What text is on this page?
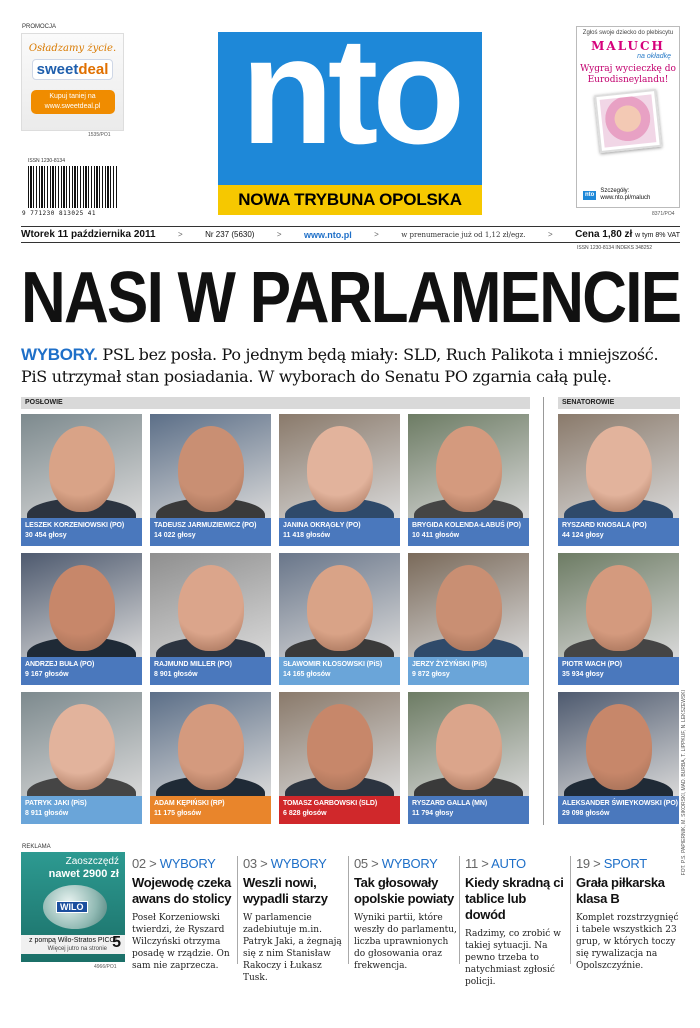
PROMOCJA
Osładzamy życie.
sweetdeal
Kupuj taniej na www.sweetdeal.pl
1535/PO1
ISSN 1230-8134
9 771230 813025 41
nto
NOWA TRYBUNA OPOLSKA
Zgłoś swoje dziecko do plebiscytu
MALUCH
na okładkę
Wygraj wycieczkę do Eurodisneylandu!
nto
Szczegóły: www.nto.pl/maluch
8371/PO4
Wtorek 11 października 2011	>	Nr 237 (5630)	> www.nto.pl	>	w prenumeracie już od 1,12 zł/egz.	> Cena 1,80 zł w tym 8% VAT
ISSN 1230-8134 INDEKS 348252
NASI W PARLAMENCIE
WYBORY. PSL bez posła. Po jednym będą miały: SLD, Ruch Palikota i mniejszość. PiS utrzymał stan posiadania. W wyborach do Senatu PO zgarnia całą pulę.
POSŁOWIE	SENATOROWIE
LESZEK KORZENIOWSKI (PO)
30 454 głosy
TADEUSZ JARMUZIEWICZ (PO)
14 022 głosy
JANINA OKRĄGŁY (PO)
11 418 głosów
BRYGIDA KOLENDA-ŁABUŚ (PO)
10 411 głosów
ANDRZEJ BUŁA (PO)
9 167 głosów
RAJMUND MILLER (PO)
8 901 głosów
SŁAWOMIR KŁOSOWSKI (PiS)
14 165 głosów
JERZY ŻYŻYŃSKI (PiS)
9 872 głosy
PATRYK JAKI (PiS)
8 911 głosów
ADAM KĘPIŃSKI (RP)
11 175 głosów
TOMASZ GARBOWSKI (SLD)
6 828 głosów
RYSZARD GALLA (MN)
11 794 głosy
RYSZARD KNOSALA (PO)
44 124 głosy
PIOTR WACH (PO)
35 934 głosy
ALEKSANDER ŚWIEYKOWSKI (PO)
29 098 głosów	FOT. P.S. PAPIERNIK, M. SIKORSKI, MAD. BURBA, T. LIPPKUF, N. LEKSZEWSKI
REKLAMA
Zaoszczędź
nawet 2900 zł
WILO
z pompą Wilo-Stratos PICO!
Więcej jutro na stronie 5
4966/PO1
02 > WYBORY
Wojewodę czeka awans do stolicy
Poseł Korzeniowski twierdzi, że Ryszard Wilczyński otrzyma posadę w rządzie. On sam nie zaprzecza.
03 > WYBORY
Weszli nowi, wypadli starzy
W parlamencie zadebiutuje m.in. Patryk Jaki, a żegnają się z nim Stanisław Rakoczy i Łukasz Tusk.
05 > WYBORY
Tak głosowały opolskie powiaty
Wyniki partii, które weszły do parlamentu, liczba uprawnionych do głosowania oraz frekwencja.
11 > AUTO
Kiedy skradną ci tablice lub dowód
Radzimy, co zrobić w takiej sytuacji. Na pewno trzeba to natychmiast zgłosić policji.
19 > SPORT
Grała piłkarska klasa B
Komplet rozstrzygnięć i tabele wszystkich 23 grup, w których toczy się rywalizacja na Opolszczyźnie.
